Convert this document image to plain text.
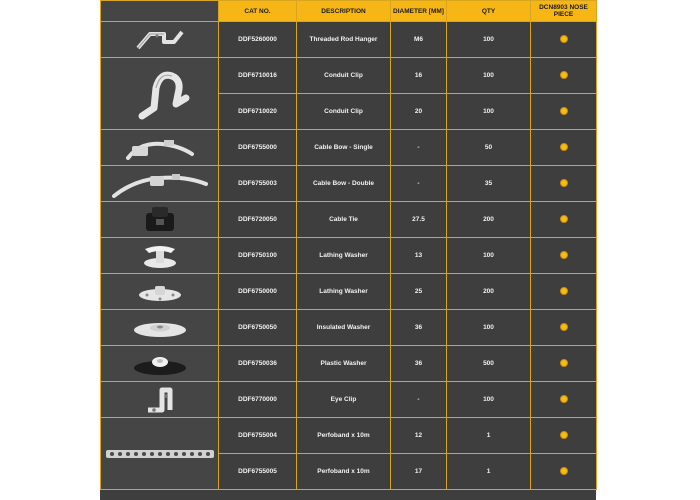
	CAT NO.	DESCRIPTION	DIAMETER [MM]	QTY	DCN8903 NOSE PIECE

	DDF5260000	Threaded Rod Hanger	M6	100	

	DDF6710016	Conduit Clip	16	100	
	DDF6710020	Conduit Clip	20	100	

	DDF6755000	Cable Bow - Single	-	50	

	DDF6755003	Cable Bow - Double	-	35	

	DDF6720050	Cable Tie	27.5	200	

	DDF6750100	Lathing Washer	13	100	

	DDF6750000	Lathing Washer	25	200	

	DDF6750050	Insulated Washer	36	100	

	DDF6750036	Plastic Washer	36	500	

	DDF6770000	Eye Clip	-	100	

	DDF6755004	Perfoband x 10m	12	1	
	DDF6755005	Perfoband x 10m	17	1	
